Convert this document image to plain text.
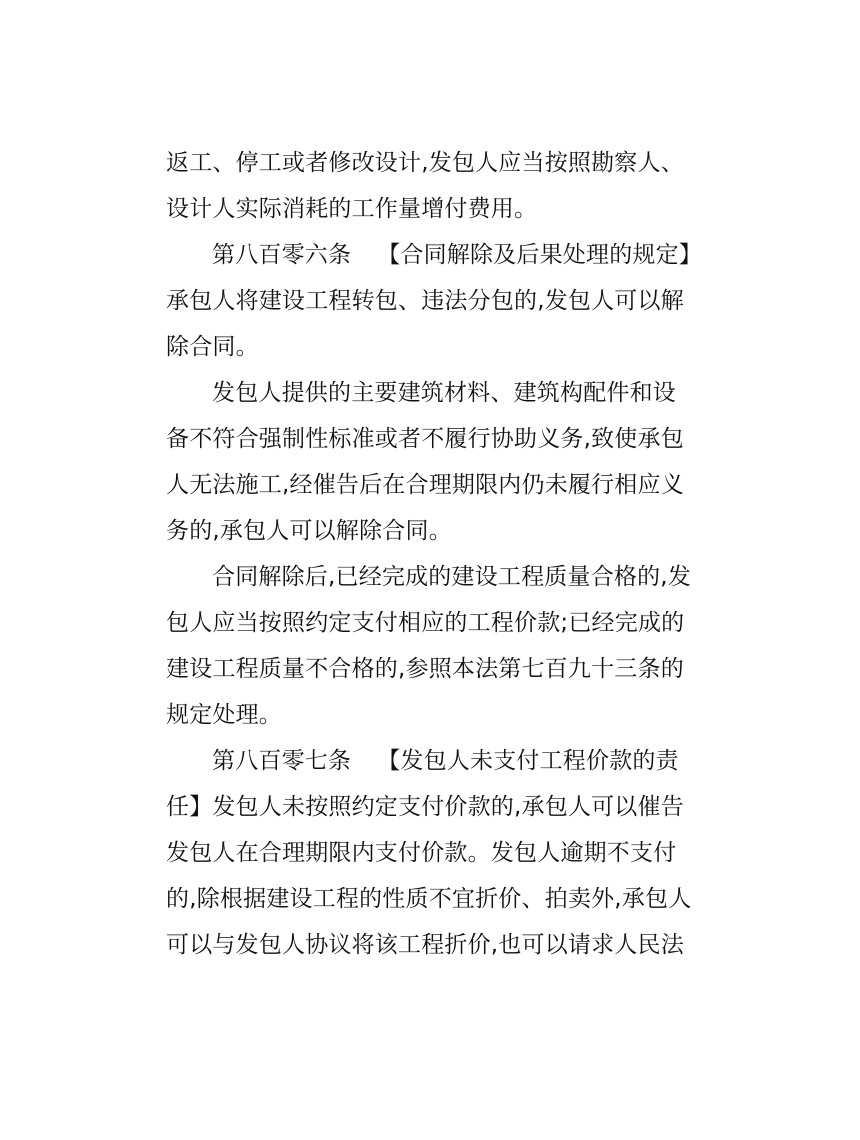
返工、停工或者修改设计,发包人应当按照勘察人、
设计人实际消耗的工作量增付费用。
第八百零六条 【合同解除及后果处理的规定】
承包人将建设工程转包、违法分包的,发包人可以解
除合同。
发包人提供的主要建筑材料、建筑构配件和设
备不符合强制性标准或者不履行协助义务,致使承包
人无法施工,经催告后在合理期限内仍未履行相应义
务的,承包人可以解除合同。
合同解除后,已经完成的建设工程质量合格的,发
包人应当按照约定支付相应的工程价款;已经完成的
建设工程质量不合格的,参照本法第七百九十三条的
规定处理。
第八百零七条 【发包人未支付工程价款的责
任】发包人未按照约定支付价款的,承包人可以催告
发包人在合理期限内支付价款。发包人逾期不支付
的,除根据建设工程的性质不宜折价、拍卖外,承包人
可以与发包人协议将该工程折价,也可以请求人民法
